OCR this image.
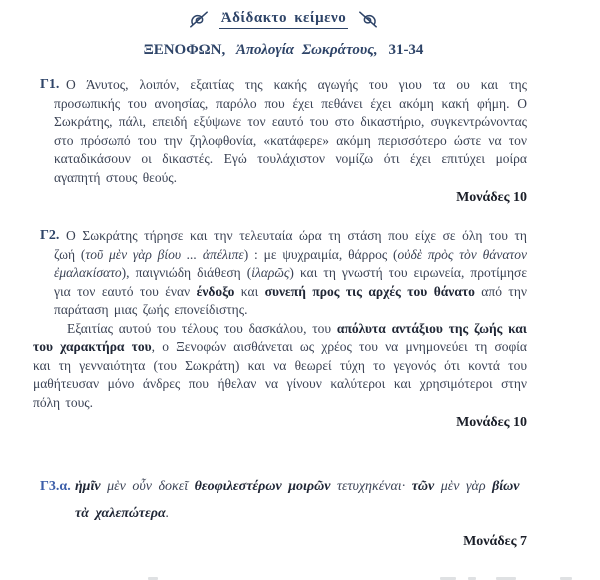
Ἀδίδακτο κείμενο
ΞΕΝΟΦΩΝ, Ἀπολογία Σωκράτους, 31-34
Γ1. Ο Άνυτος, λοιπόν, εξαιτίας της κακής αγωγής του γιου τα ου και της προσωπικής του ανοησίας, παρόλο που έχει πεθάνει έχει ακόμη κακή φήμη. Ο Σωκράτης, πάλι, επειδή εξύψωνε τον εαυτό του στο δικαστήριο, συγκεντρώνοντας στο πρόσωπό του την ζηλοφθονία, «κατάφερε» ακόμη περισσότερο ώστε να τον καταδικάσουν οι δικαστές. Εγώ τουλάχιστον νομίζω ότι έχει επιτύχει μοίρα αγαπητή στους θεούς.

Μονάδες 10
Γ2. Ο Σωκράτης τήρησε και την τελευταία ώρα τη στάση που είχε σε όλη του τη ζωή (τοῦ μὲν γὰρ βίου ... ἀπέλιπε) : με ψυχραιμία, θάρρος (οὐδὲ πρὸς τὸν θάνατον ἐμαλακίσατο), παιγνιώδη διάθεση (ἱλαρῶς) και τη γνωστή του ειρωνεία, προτίμησε για τον εαυτό του έναν ένδοξο και συνεπή προς τις αρχές του θάνατο από την παράταση μιας ζωής επονείδιστης.

Εξαιτίας αυτού του τέλους του δασκάλου, του απόλυτα αντάξιου της ζωής και του χαρακτήρα του, ο Ξενοφών αισθάνεται ως χρέος του να μνημονεύει τη σοφία και τη γενναιότητα (του Σωκράτη) και να θεωρεί τύχη το γεγονός ότι κοντά του μαθήτευσαν μόνο άνδρες που ήθελαν να γίνουν καλύτεροι και χρησιμότεροι στην πόλη τους.

Μονάδες 10
Γ3.α. ἡμῖν μὲν οὖν δοκεῖ θεοφιλεστέρων μοιρῶν τετυχηκέναι· τῶν μὲν γὰρ βίων τὰ χαλεπώτερα.

Μονάδες 7
